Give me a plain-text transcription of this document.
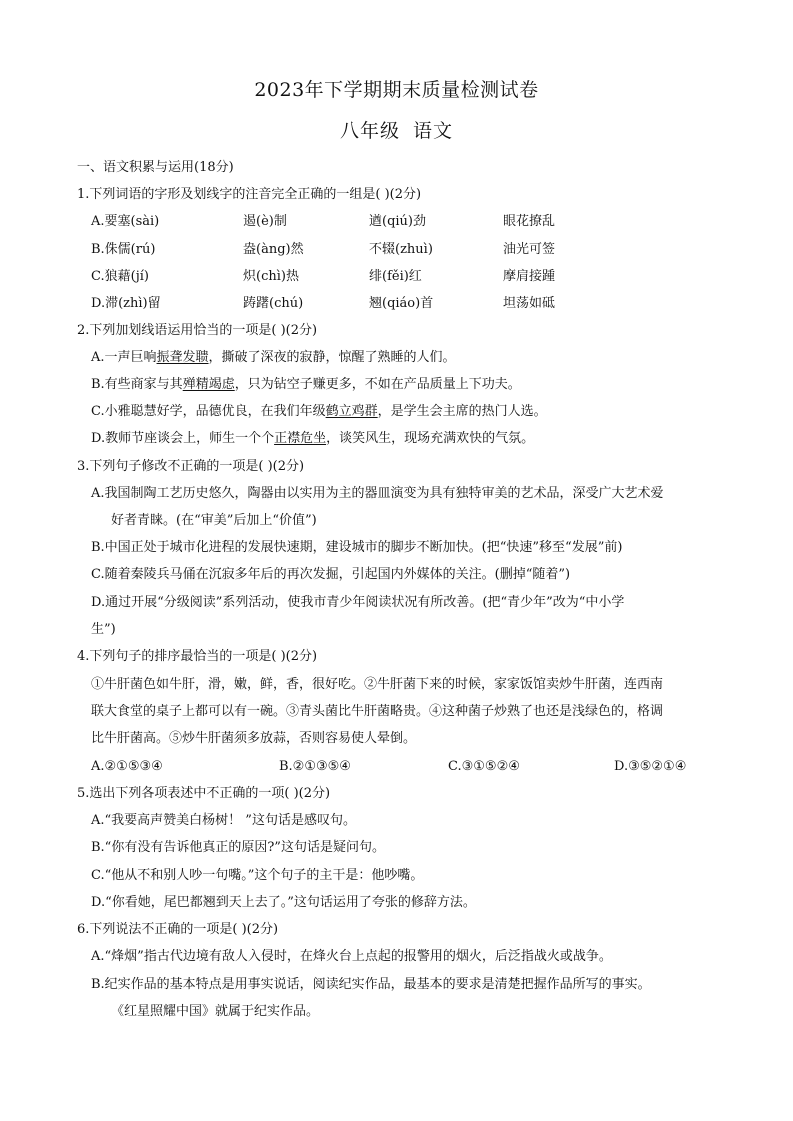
2023年下学期期末质量检测试卷
八年级 语文
一、语文积累与运用(18分)
1.下列词语的字形及划线字的注音完全正确的一组是( )(2分)
A.要塞(sài)	遏(è)制	遒(qiú)劲	眼花撩乱
B.侏儒(rú)	盎(àng)然	不辍(zhuì)	油光可签
C.狼藉(jí)	炽(chì)热	绯(fěi)红	摩肩接踵
D.滞(zhì)留	踌躇(chú)	翘(qiáo)首	坦荡如砥
2.下列加划线语运用恰当的一项是( )(2分)
A.一声巨响振聋发聩，撕破了深夜的寂静，惊醒了熟睡的人们。
B.有些商家与其殚精竭虑，只为钻空子赚更多，不如在产品质量上下功夫。
C.小雅聪慧好学，品德优良，在我们年级鹤立鸡群，是学生会主席的热门人选。
D.教师节座谈会上，师生一个个正襟危坐，谈笑风生，现场充满欢快的气氛。
3.下列句子修改不正确的一项是( )(2分)
A.我国制陶工艺历史悠久，陶器由以实用为主的器皿演变为具有独特审美的艺术品，深受广大艺术爱
好者青睐。(在“审美”后加上“价值”)
B.中国正处于城市化进程的发展快速期，建设城市的脚步不断加快。(把“快速”移至“发展”前)
C.随着秦陵兵马俑在沉寂多年后的再次发掘，引起国内外媒体的关注。(删掉“随着”)
D.通过开展“分级阅读”系列活动，使我市青少年阅读状况有所改善。(把“青少年”改为“中小学
生”)
4.下列句子的排序最恰当的一项是( )(2分)
①牛肝菌色如牛肝，滑，嫩，鲜，香，很好吃。②牛肝菌下来的时候，家家饭馆卖炒牛肝菌，连西南
联大食堂的桌子上都可以有一碗。③青头菌比牛肝菌略贵。④这种菌子炒熟了也还是浅绿色的，格调
比牛肝菌高。⑤炒牛肝菌须多放蒜，否则容易使人晕倒。
A.②①⑤③④	B.②①③⑤④	C.③①⑤②④	D.③⑤②①④
5.选出下列各项表述中不正确的一项( )(2分)
A.“我要高声赞美白杨树！ ”这句话是感叹句。
B.“你有没有告诉他真正的原因?”这句话是疑问句。
C.“他从不和别人吵一句嘴。”这个句子的主干是：他吵嘴。
D.“你看她，尾巴都翘到天上去了。”这句话运用了夸张的修辞方法。
6.下列说法不正确的一项是( )(2分)
A.“烽烟”指古代边境有敌人入侵时，在烽火台上点起的报警用的烟火，后泛指战火或战争。
B.纪实作品的基本特点是用事实说话，阅读纪实作品，最基本的要求是清楚把握作品所写的事实。
《红星照耀中国》就属于纪实作品。
